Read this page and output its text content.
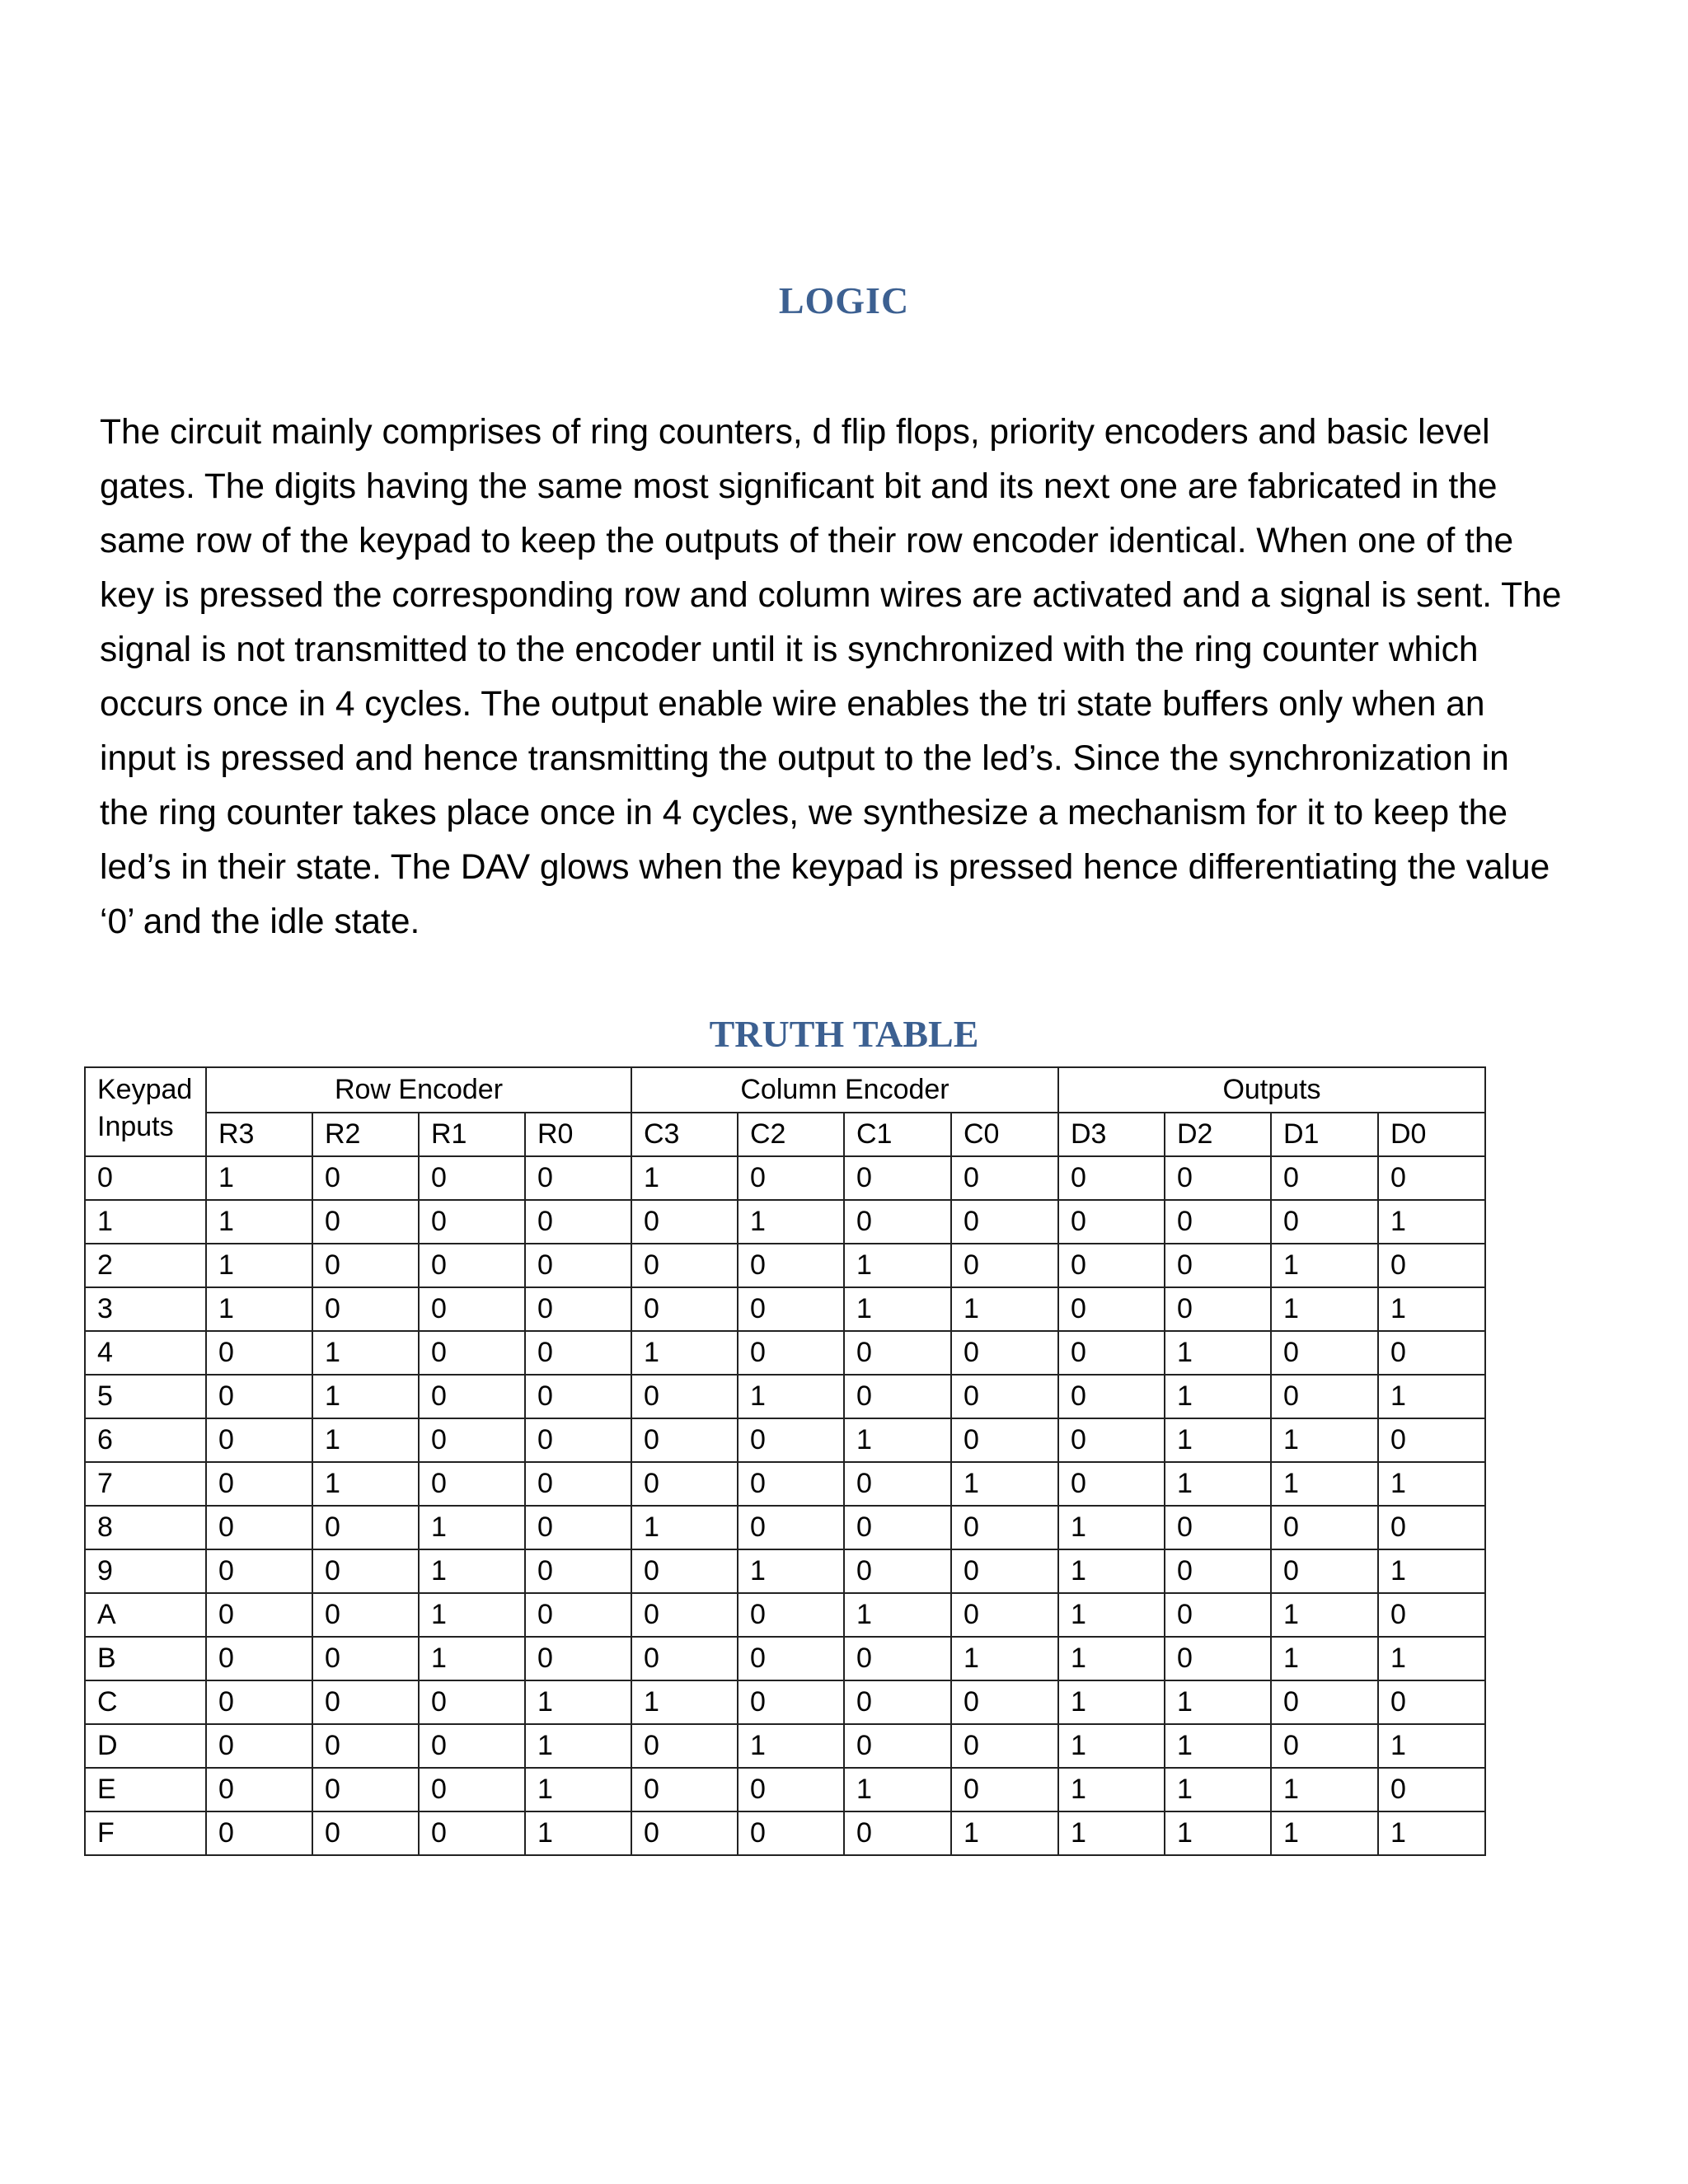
LOGIC
The circuit mainly comprises of ring counters, d flip flops, priority encoders and basic level
gates. The digits having the same most significant bit and its next one are fabricated in the
same row of the keypad to keep the outputs of their row encoder identical. When one of the
key is pressed the corresponding row and column wires are activated and a signal is sent. The
signal is not transmitted to the encoder until it is synchronized with the ring counter which
occurs once in 4 cycles. The output enable wire enables the tri state buffers only when an
input is pressed and hence transmitting the output to the led’s. Since the synchronization in
the ring counter takes place once in 4 cycles, we synthesize a mechanism for it to keep the
led’s in their state. The DAV glows when the keypad is pressed hence differentiating the value
‘0’ and the idle state.
TRUTH TABLE
Keypad
Inputs	Row Encoder				Column Encoder				Outputs			
	R3	R2	R1	R0	C3	C2	C1	C0	D3	D2	D1	D0
0	1	0	0	0	1	0	0	0	0	0	0	0
1	1	0	0	0	0	1	0	0	0	0	0	1
2	1	0	0	0	0	0	1	0	0	0	1	0
3	1	0	0	0	0	0	1	1	0	0	1	1
4	0	1	0	0	1	0	0	0	0	1	0	0
5	0	1	0	0	0	1	0	0	0	1	0	1
6	0	1	0	0	0	0	1	0	0	1	1	0
7	0	1	0	0	0	0	0	1	0	1	1	1
8	0	0	1	0	1	0	0	0	1	0	0	0
9	0	0	1	0	0	1	0	0	1	0	0	1
A	0	0	1	0	0	0	1	0	1	0	1	0
B	0	0	1	0	0	0	0	1	1	0	1	1
C	0	0	0	1	1	0	0	0	1	1	0	0
D	0	0	0	1	0	1	0	0	1	1	0	1
E	0	0	0	1	0	0	1	0	1	1	1	0
F	0	0	0	1	0	0	0	1	1	1	1	1
